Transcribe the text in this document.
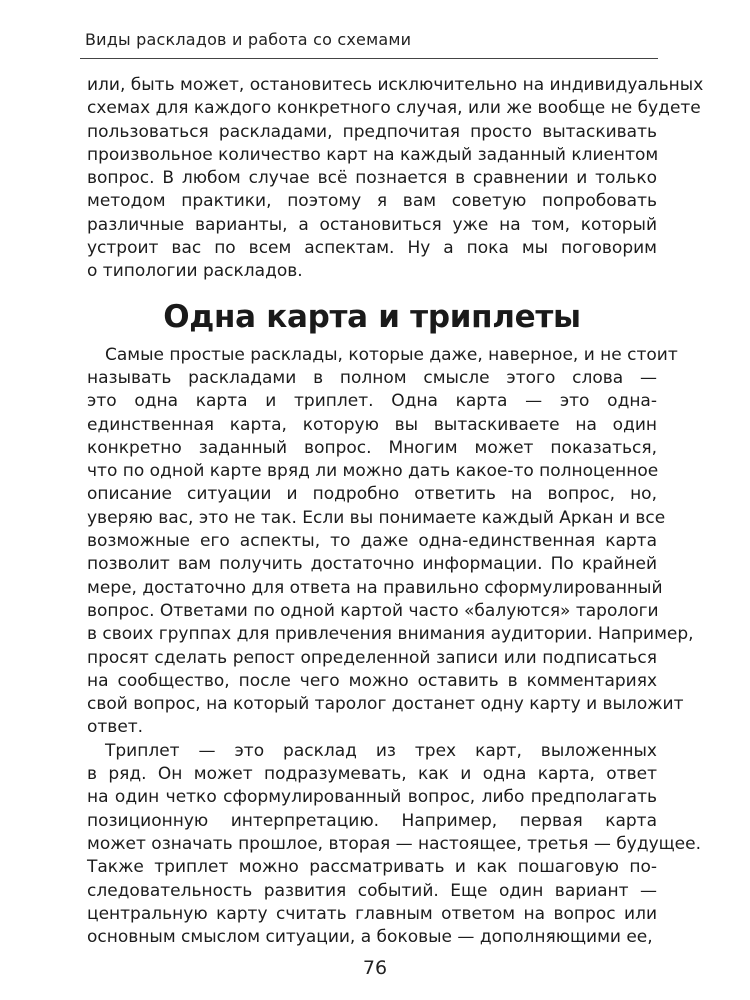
Виды раскладов и работа со схемами
или, быть может, остановитесь исключительно на индивидуальных
схемах для каждого конкретного случая, или же вообще не будете
пользоваться раскладами, предпочитая просто вытаскивать
произвольное количество карт на каждый заданный клиентом
вопрос. В любом случае всё познается в сравнении и только
методом практики, поэтому я вам советую попробовать
различные варианты, а остановиться уже на том, который
устроит вас по всем аспектам. Ну а пока мы поговорим
о типологии раскладов.
Одна карта и триплеты
Самые простые расклады, которые даже, наверное, и не стоит
называть раскладами в полном смысле этого слова —
это одна карта и триплет. Одна карта — это одна-
единственная карта, которую вы вытаскиваете на один
конкретно заданный вопрос. Многим может показаться,
что по одной карте вряд ли можно дать какое-то полноценное
описание ситуации и подробно ответить на вопрос, но,
уверяю вас, это не так. Если вы понимаете каждый Аркан и все
возможные его аспекты, то даже одна-единственная карта
позволит вам получить достаточно информации. По крайней
мере, достаточно для ответа на правильно сформулированный
вопрос. Ответами по одной картой часто «балуются» тарологи
в своих группах для привлечения внимания аудитории. Например,
просят сделать репост определенной записи или подписаться
на сообщество, после чего можно оставить в комментариях
свой вопрос, на который таролог достанет одну карту и выложит
ответ.
Триплет — это расклад из трех карт, выложенных
в ряд. Он может подразумевать, как и одна карта, ответ
на один четко сформулированный вопрос, либо предполагать
позиционную интерпретацию. Например, первая карта
может означать прошлое, вторая — настоящее, третья — будущее.
Также триплет можно рассматривать и как пошаговую по-
следовательность развития событий. Еще один вариант —
центральную карту считать главным ответом на вопрос или
основным смыслом ситуации, а боковые — дополняющими ее,
76
